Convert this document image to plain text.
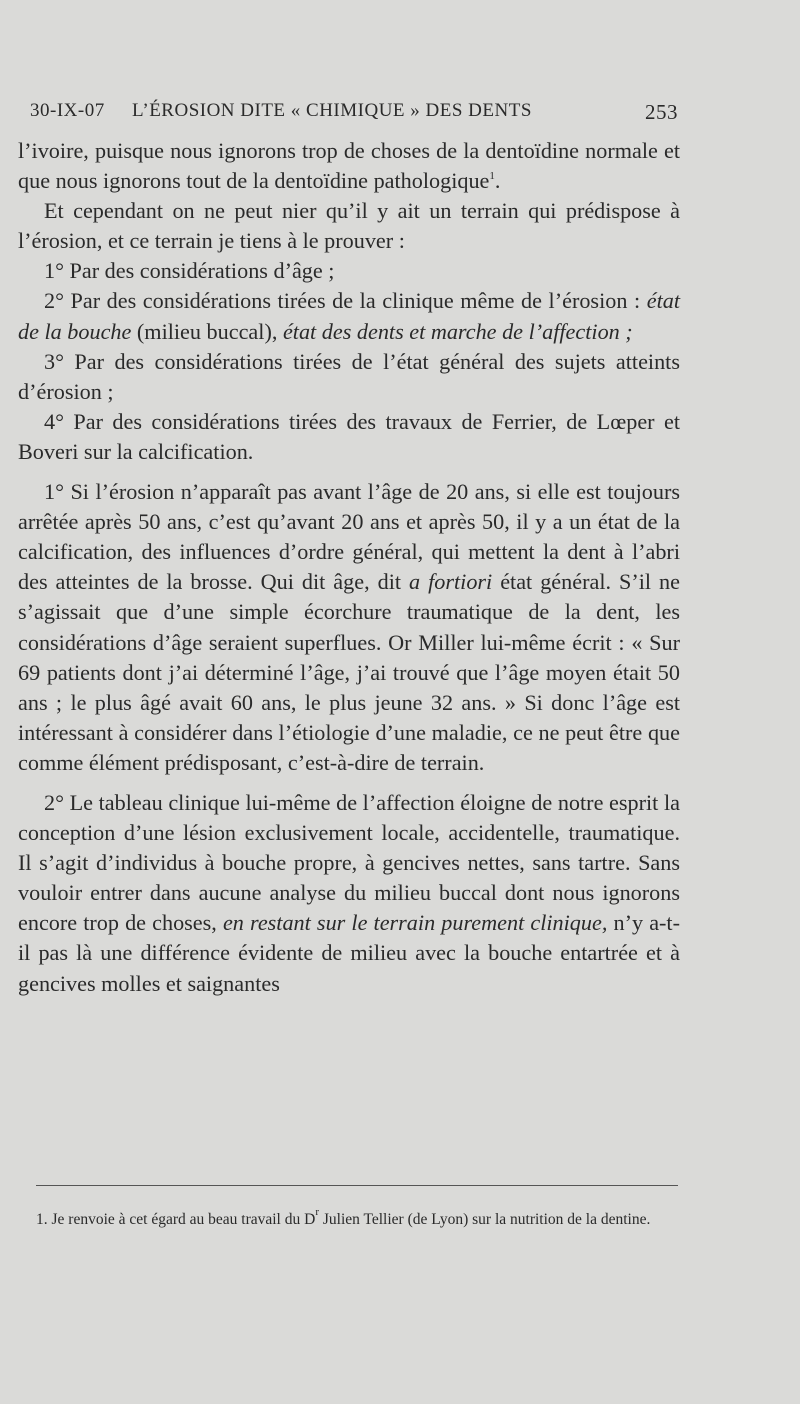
30-IX-07 L’ÉROSION DITE « CHIMIQUE » DES DENTS	253

l’ivoire, puisque nous ignorons trop de choses de la dentoïdine normale et que nous ignorons tout de la dentoïdine pathologique$^1$.

Et cependant on ne peut nier qu’il y ait un terrain qui prédispose à l’érosion, et ce terrain je tiens à le prouver :

1° Par des considérations d’âge ;

2° Par des considérations tirées de la clinique même de l’érosion : état de la bouche (milieu buccal), état des dents et marche de l’affection ;

3° Par des considérations tirées de l’état général des sujets atteints d’érosion ;

4° Par des considérations tirées des travaux de Ferrier, de Lœper et Boveri sur la calcification.

1° Si l’érosion n’apparaît pas avant l’âge de 20 ans, si elle est toujours arrêtée après 50 ans, c’est qu’avant 20 ans et après 50, il y a un état de la calcification, des influences d’ordre général, qui mettent la dent à l’abri des atteintes de la brosse. Qui dit âge, dit a fortiori état général. S’il ne s’agissait que d’une simple écorchure traumatique de la dent, les considérations d’âge seraient superflues. Or Miller lui-même écrit : « Sur 69 patients dont j’ai déterminé l’âge, j’ai trouvé que l’âge moyen était 50 ans ; le plus âgé avait 60 ans, le plus jeune 32 ans. » Si donc l’âge est intéressant à considérer dans l’étiologie d’une maladie, ce ne peut être que comme élément prédisposant, c’est-à-dire de terrain.

2° Le tableau clinique lui-même de l’affection éloigne de notre esprit la conception d’une lésion exclusivement locale, accidentelle, traumatique. Il s’agit d’individus à bouche propre, à gencives nettes, sans tartre. Sans vouloir entrer dans aucune analyse du milieu buccal dont nous ignorons encore trop de choses, en restant sur le terrain purement clinique, n’y a-t-il pas là une différence évidente de milieu avec la bouche entartrée et à gencives molles et saignantes

1. Je renvoie à cet égard au beau travail du $D^r$ Julien Tellier (de Lyon) sur la nutrition de la dentine.
